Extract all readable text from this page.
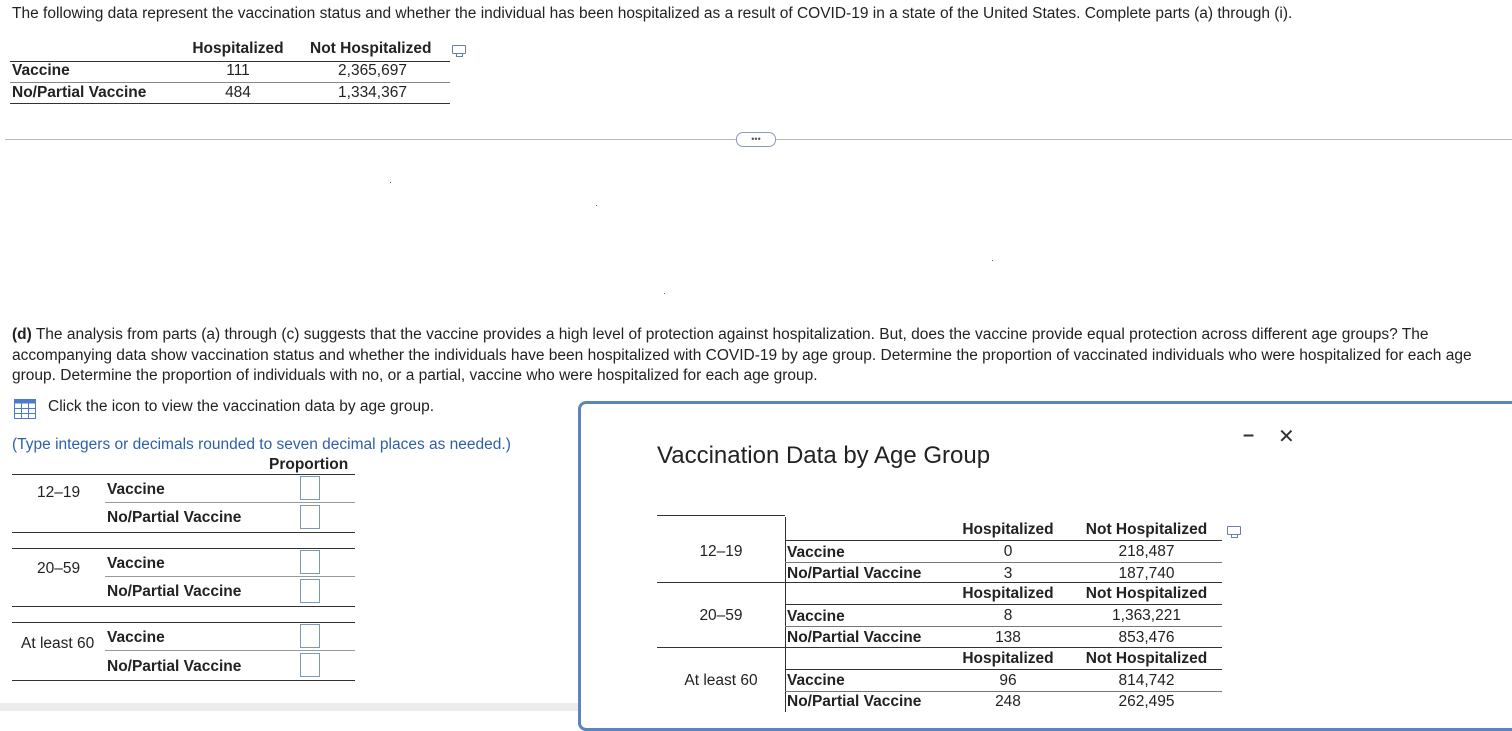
The following data represent the vaccination status and whether the individual has been hospitalized as a result of COVID-19 in a state of the United States. Complete parts (a) through (i).
Hospitalized	Not Hospitalized
Vaccine	111	2,365,697
No/Partial Vaccine	484	1,334,367
•••
(d) The analysis from parts (a) through (c) suggests that the vaccine provides a high level of protection against hospitalization. But, does the vaccine provide equal protection across different age groups? The accompanying data show vaccination status and whether the individuals have been hospitalized with COVID-19 by age group. Determine the proportion of vaccinated individuals who were hospitalized for each age group. Determine the proportion of individuals with no, or a partial, vaccine who were hospitalized for each age group.
Click the icon to view the vaccination data by age group.
(Type integers or decimals rounded to seven decimal places as needed.)
Proportion
12–19 Vaccine
No/Partial Vaccine
20–59 Vaccine
No/Partial Vaccine
At least 60 Vaccine
No/Partial Vaccine
Vaccination Data by Age Group
– ✕
Hospitalized	Not Hospitalized
12–19	Vaccine	0	218,487
No/Partial Vaccine	3	187,740
Hospitalized	Not Hospitalized
20–59	Vaccine	8	1,363,221
No/Partial Vaccine	138	853,476
Hospitalized	Not Hospitalized
At least 60	Vaccine	96	814,742
No/Partial Vaccine	248	262,495
